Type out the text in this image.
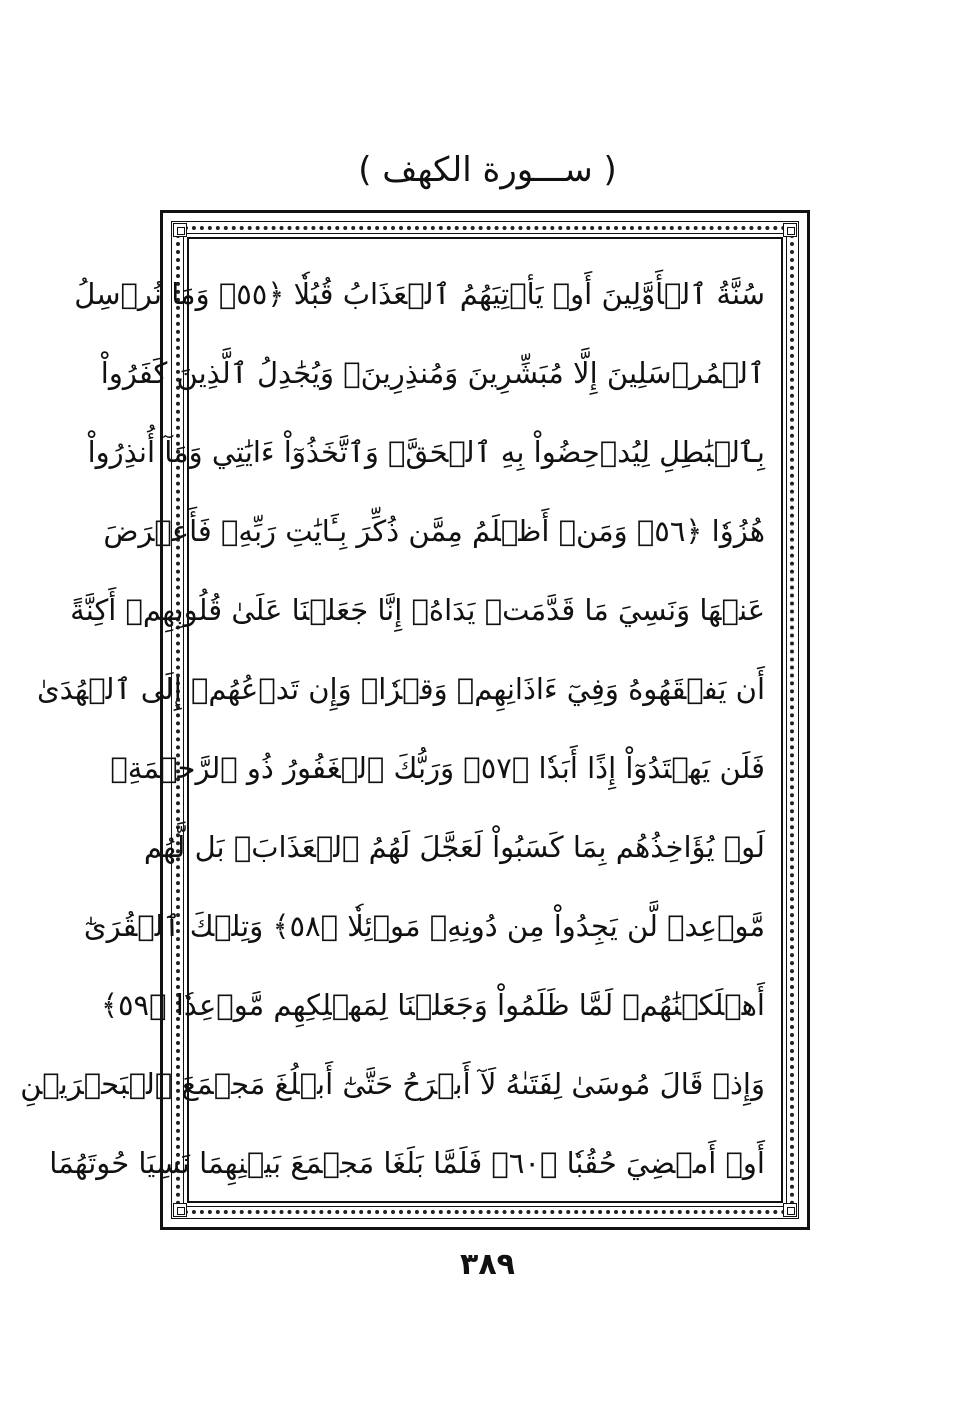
( ســـورة الكهف )
سُنَّةُ ٱلۡأَوَّلِينَ أَوۡ يَأۡتِيَهُمُ ٱلۡعَذَابُ قُبُلٗا ﴿٥٥﴾ وَمَا نُرۡسِلُ
ٱلۡمُرۡسَلِينَ إِلَّا مُبَشِّرِينَ وَمُنذِرِينَۚ وَيُجَٰدِلُ ٱلَّذِينَ كَفَرُواْ
بِٱلۡبَٰطِلِ لِيُدۡحِضُواْ بِهِ ٱلۡحَقَّۖ وَٱتَّخَذُوٓاْ ءَايَٰتِي وَمَآ أُنذِرُواْ
هُزُوٗا ﴿٥٦﴾ وَمَنۡ أَظۡلَمُ مِمَّن ذُكِّرَ بِـَٔايَٰتِ رَبِّهِۦ فَأَعۡرَضَ
عَنۡهَا وَنَسِيَ مَا قَدَّمَتۡ يَدَاهُۚ إِنَّا جَعَلۡنَا عَلَىٰ قُلُوبِهِمۡ أَكِنَّةً
أَن يَفۡقَهُوهُ وَفِيٓ ءَاذَانِهِمۡ وَقۡرٗاۖ وَإِن تَدۡعُهُمۡ إِلَى ٱلۡهُدَىٰ
فَلَن يَهۡتَدُوٓاْ إِذًا أَبَدٗا ﴿٥٧﴾ وَرَبُّكَ ٱلۡغَفُورُ ذُو ٱلرَّحۡمَةِۖ
لَوۡ يُؤَاخِذُهُم بِمَا كَسَبُواْ لَعَجَّلَ لَهُمُ ٱلۡعَذَابَۚ بَل لَّهُم
مَّوۡعِدٞ لَّن يَجِدُواْ مِن دُونِهِۦ مَوۡئِلٗا ﴿٥٨﴾ وَتِلۡكَ ٱلۡقُرَىٰٓ
أَهۡلَكۡنَٰهُمۡ لَمَّا ظَلَمُواْ وَجَعَلۡنَا لِمَهۡلِكِهِم مَّوۡعِدٗا ﴿٥٩﴾
وَإِذۡ قَالَ مُوسَىٰ لِفَتَىٰهُ لَآ أَبۡرَحُ حَتَّىٰٓ أَبۡلُغَ مَجۡمَعَ ٱلۡبَحۡرَيۡنِ
أَوۡ أَمۡضِيَ حُقُبٗا ﴿٦٠﴾ فَلَمَّا بَلَغَا مَجۡمَعَ بَيۡنِهِمَا نَسِيَا حُوتَهُمَا
٣٨٩
